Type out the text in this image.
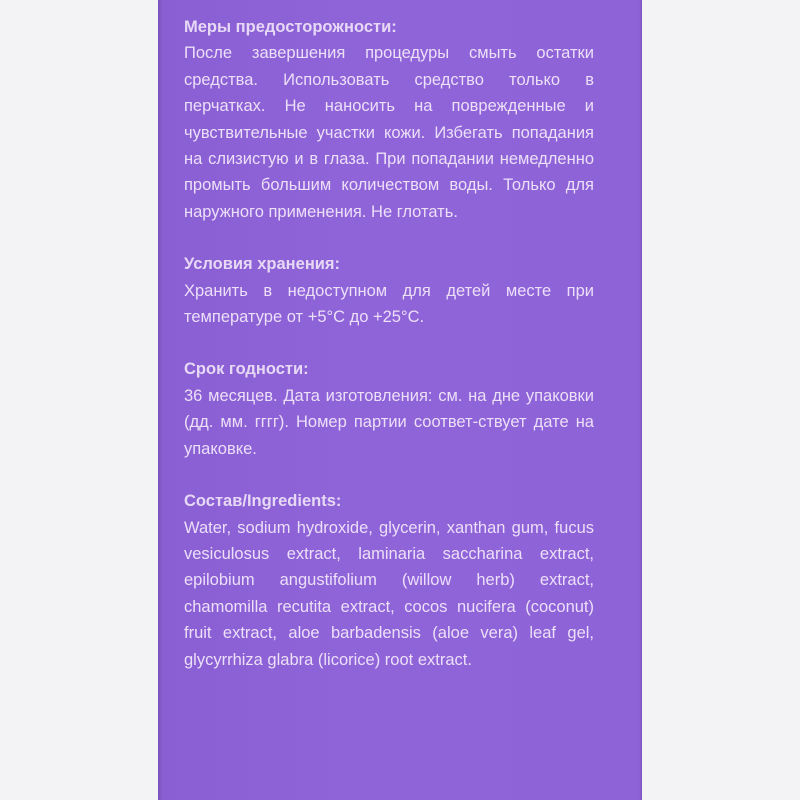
Меры предосторожности:

После завершения процедуры смыть остатки средства. Использовать средство только в перчатках. Не наносить на поврежденные и чувствительные участки кожи. Избегать попадания на слизистую и в глаза. При попадании немедленно промыть большим количеством воды. Только для наружного применения. Не глотать.

Условия хранения:

Хранить в недоступном для детей месте при температуре от +5°C до +25°C.

Срок годности:

36 месяцев. Дата изготовления: см. на дне упаковки (дд. мм. гггг). Номер партии соответ-ствует дате на упаковке.

Состав/Ingredients:

Water, sodium hydroxide, glycerin, xanthan gum, fucus vesiculosus extract, laminaria saccharina extract, epilobium angustifolium (willow herb) extract, chamomilla recutita extract, cocos nucifera (coconut) fruit extract, aloe barbadensis (aloe vera) leaf gel, glycyrrhiza glabra (licorice) root extract.
